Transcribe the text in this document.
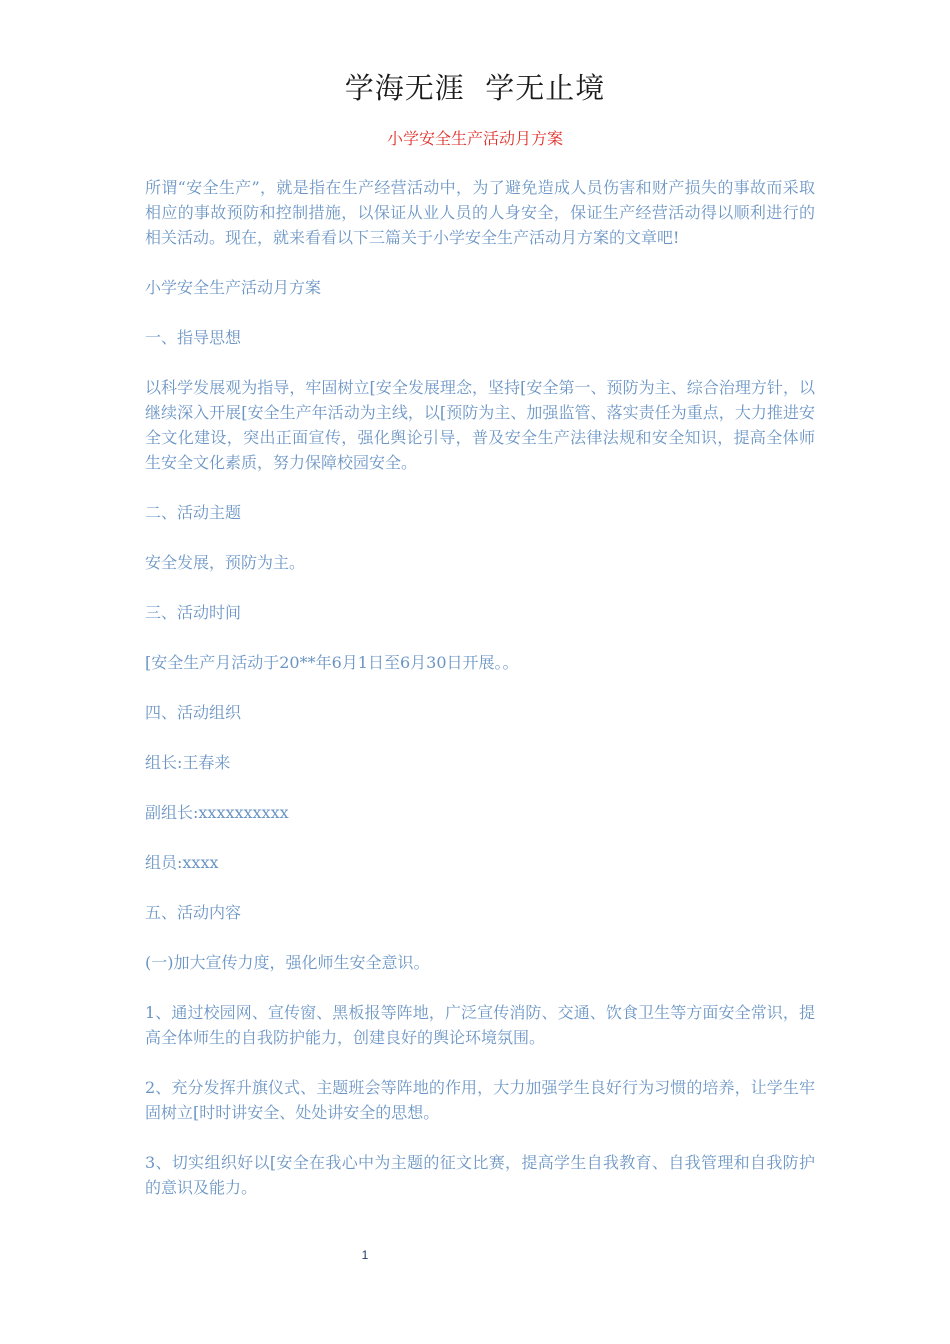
学海无涯  学无止境
小学安全生产活动月方案

所谓“安全生产”，就是指在生产经营活动中，为了避免造成人员伤害和财产损失的事故而采取相应的事故预防和控制措施，以保证从业人员的人身安全，保证生产经营活动得以顺利进行的相关活动。现在，就来看看以下三篇关于小学安全生产活动月方案的文章吧!

小学安全生产活动月方案

一、指导思想

以科学发展观为指导，牢固树立[安全发展理念，坚持[安全第一、预防为主、综合治理方针，以继续深入开展[安全生产年活动为主线，以[预防为主、加强监管、落实责任为重点，大力推进安全文化建设，突出正面宣传，强化舆论引导，普及安全生产法律法规和安全知识，提高全体师生安全文化素质，努力保障校园安全。

二、活动主题

安全发展，预防为主。

三、活动时间

[安全生产月活动于20**年6月1日至6月30日开展。。

四、活动组织

组长:王春来

副组长:xxxxxxxxxx

组员:xxxx

五、活动内容

(一)加大宣传力度，强化师生安全意识。

1、通过校园网、宣传窗、黑板报等阵地，广泛宣传消防、交通、饮食卫生等方面安全常识，提高全体师生的自我防护能力，创建良好的舆论环境氛围。

2、充分发挥升旗仪式、主题班会等阵地的作用，大力加强学生良好行为习惯的培养，让学生牢固树立[时时讲安全、处处讲安全的思想。

3、切实组织好以[安全在我心中为主题的征文比赛，提高学生自我教育、自我管理和自我防护的意识及能力。

1
